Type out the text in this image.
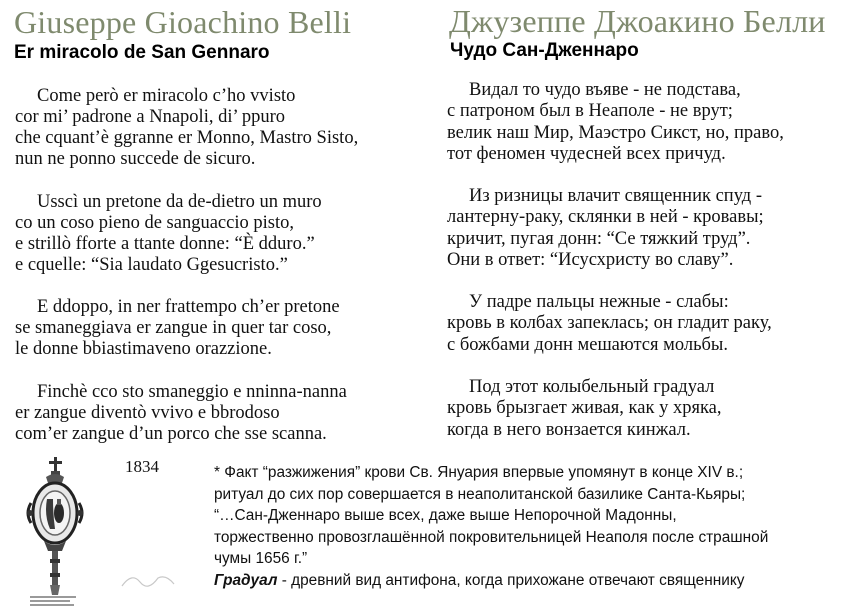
Giuseppe Gioachino Belli
Er miracolo de San Gennaro
Come però er miracolo c’ho vvisto
cor mi’ padrone a Nnapoli, di’ ppuro
che cquant’è ggranne er Monno, Mastro Sisto,
nun ne ponno succede de sicuro.
Usscì un pretone da de-dietro un muro
co un coso pieno de sanguaccio pisto,
e strillò fforte a ttante donne: “È dduro.”
e cquelle: “Sia laudato Ggesucristo.”
E ddoppo, in ner frattempo ch’er pretone
se smaneggiava er zangue in quer tar coso,
le donne bbiastimaveno orazzione.
Finchè cco sto smaneggio e nninna-nanna
er zangue diventò vvivo e bbrodoso
com’er zangue d’un porco che sse scanna.
Джузеппе Джоакино Белли
Чудо Сан-Дженнаро
Видал то чудо въяве - не подстава,
с патроном был в Неаполе - не врут;
велик наш Мир, Маэстро Сикст, но, право,
тот феномен чудесней всех причуд.
Из ризницы влачит священник спуд -
лантерну-раку, склянки в ней - кровавы;
кричит, пугая донн: “Се тяжкий труд”.
Они в ответ: “Исусхристу во славу”.
У падре пальцы нежные - слабы:
кровь в колбах запеклась; он гладит раку,
с божбами донн мешаются мольбы.
Под этот колыбельный градуал
кровь брызгает живая, как у хряка,
когда в него вонзается кинжал.
1834	* Факт “разжижения” крови Св. Януария впервые упомянут в конце XIV в.;
ритуал до сих пор совершается в неаполитанской базилике Санта-Кьяры;
“…Сан-Дженнаро выше всех, даже выше Непорочной Мадонны,
торжественно провозглашённой покровительницей Неаполя после страшной
чумы 1656 г.”
Градуал - древний вид антифона, когда прихожане отвечают священнику
